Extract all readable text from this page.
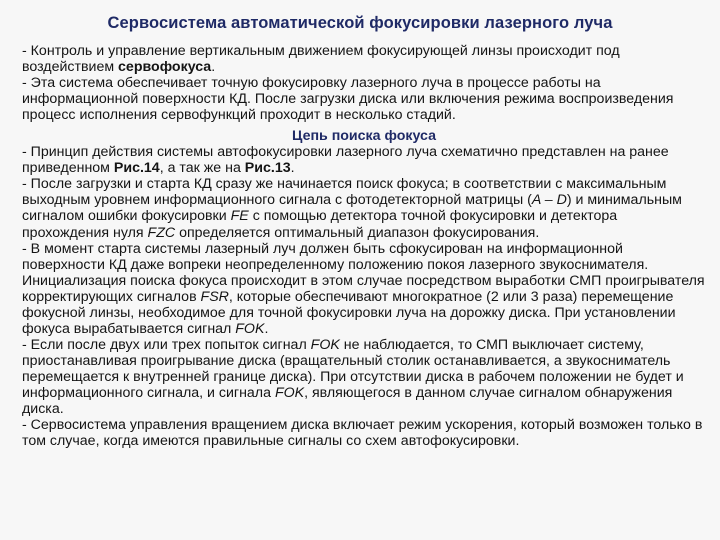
Сервосистема автоматической фокусировки лазерного луча

- Контроль и управление вертикальным движением фокусирующей линзы происходит под воздействием сервофокуса.

- Эта система обеспечивает точную фокусировку лазерного луча в процессе работы на информационной поверхности КД. После загрузки диска или включения режима воспроизведения процесс исполнения сервофункций проходит в несколько стадий.

Цепь поиска фокуса

- Принцип действия системы автофокусировки лазерного луча схематично представлен на ранее приведенном Рис.14, а так же на Рис.13.

- После загрузки и старта КД сразу же начинается поиск фокуса; в соответствии с максимальным выходным уровнем информационного сигнала с фотодетекторной матрицы (A – D) и минимальным сигналом ошибки фокусировки FE с помощью детектора точной фокусировки и детектора прохождения нуля FZC определяется оптимальный диапазон фокусирования.

- В момент старта системы лазерный луч должен быть сфокусирован на информационной поверхности КД даже вопреки неопределенному положению покоя лазерного звукоснимателя. Инициализация поиска фокуса происходит в этом случае посредством выработки СМП проигрывателя корректирующих сигналов FSR, которые обеспечивают многократное (2 или 3 раза) перемещение фокусной линзы, необходимое для точной фокусировки луча на дорожку диска. При установлении фокуса вырабатывается сигнал FOK.

- Если после двух или трех попыток сигнал FOK не наблюдается, то СМП выключает систему, приостанавливая проигрывание диска (вращательный столик останавливается, а звукосниматель перемещается к внутренней границе диска). При отсутствии диска в рабочем положении не будет и информационного сигнала, и сигнала FOK, являющегося в данном случае сигналом обнаружения диска.

- Сервосистема управления вращением диска включает режим ускорения, который возможен только в том случае, когда имеются правильные сигналы со схем автофокусировки.
